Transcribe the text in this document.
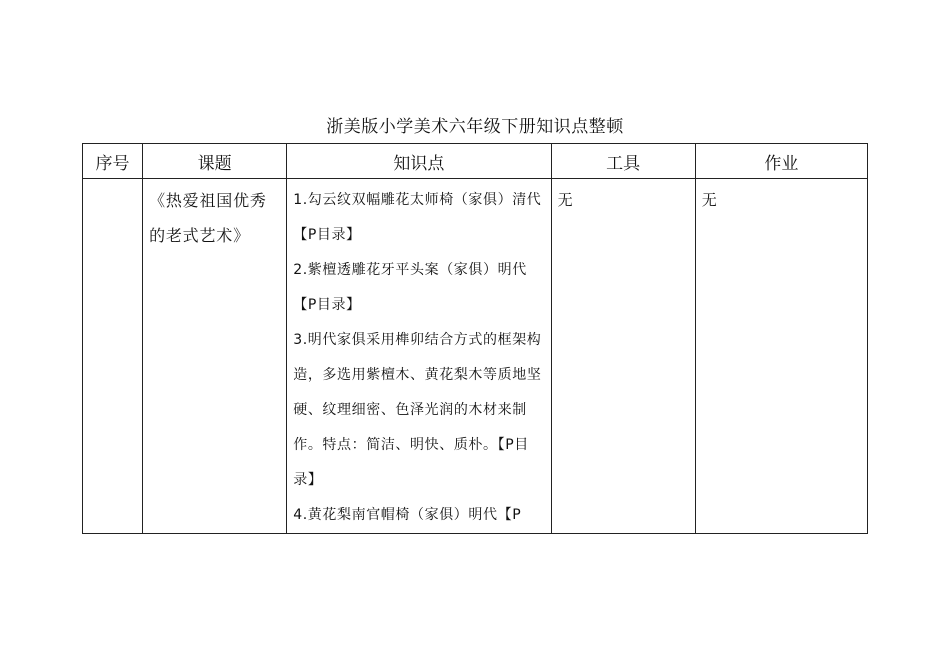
浙美版小学美术六年级下册知识点整顿
序号	课题	知识点	工具	作业

	《热爱祖国优秀的老式艺术》	1.勾云纹双幅雕花太师椅（家俱）清代 【P目录】
2.紫檀透雕花牙平头案（家俱）明代【P目录】
3.明代家俱采用榫卯结合方式的框架构造，多选用紫檀木、黄花梨木等质地坚硬、纹理细密、色泽光润的木材来制作。特点：简洁、明快、质朴。【P目录】
4.黄花梨南官帽椅（家俱）明代【P	无	无
